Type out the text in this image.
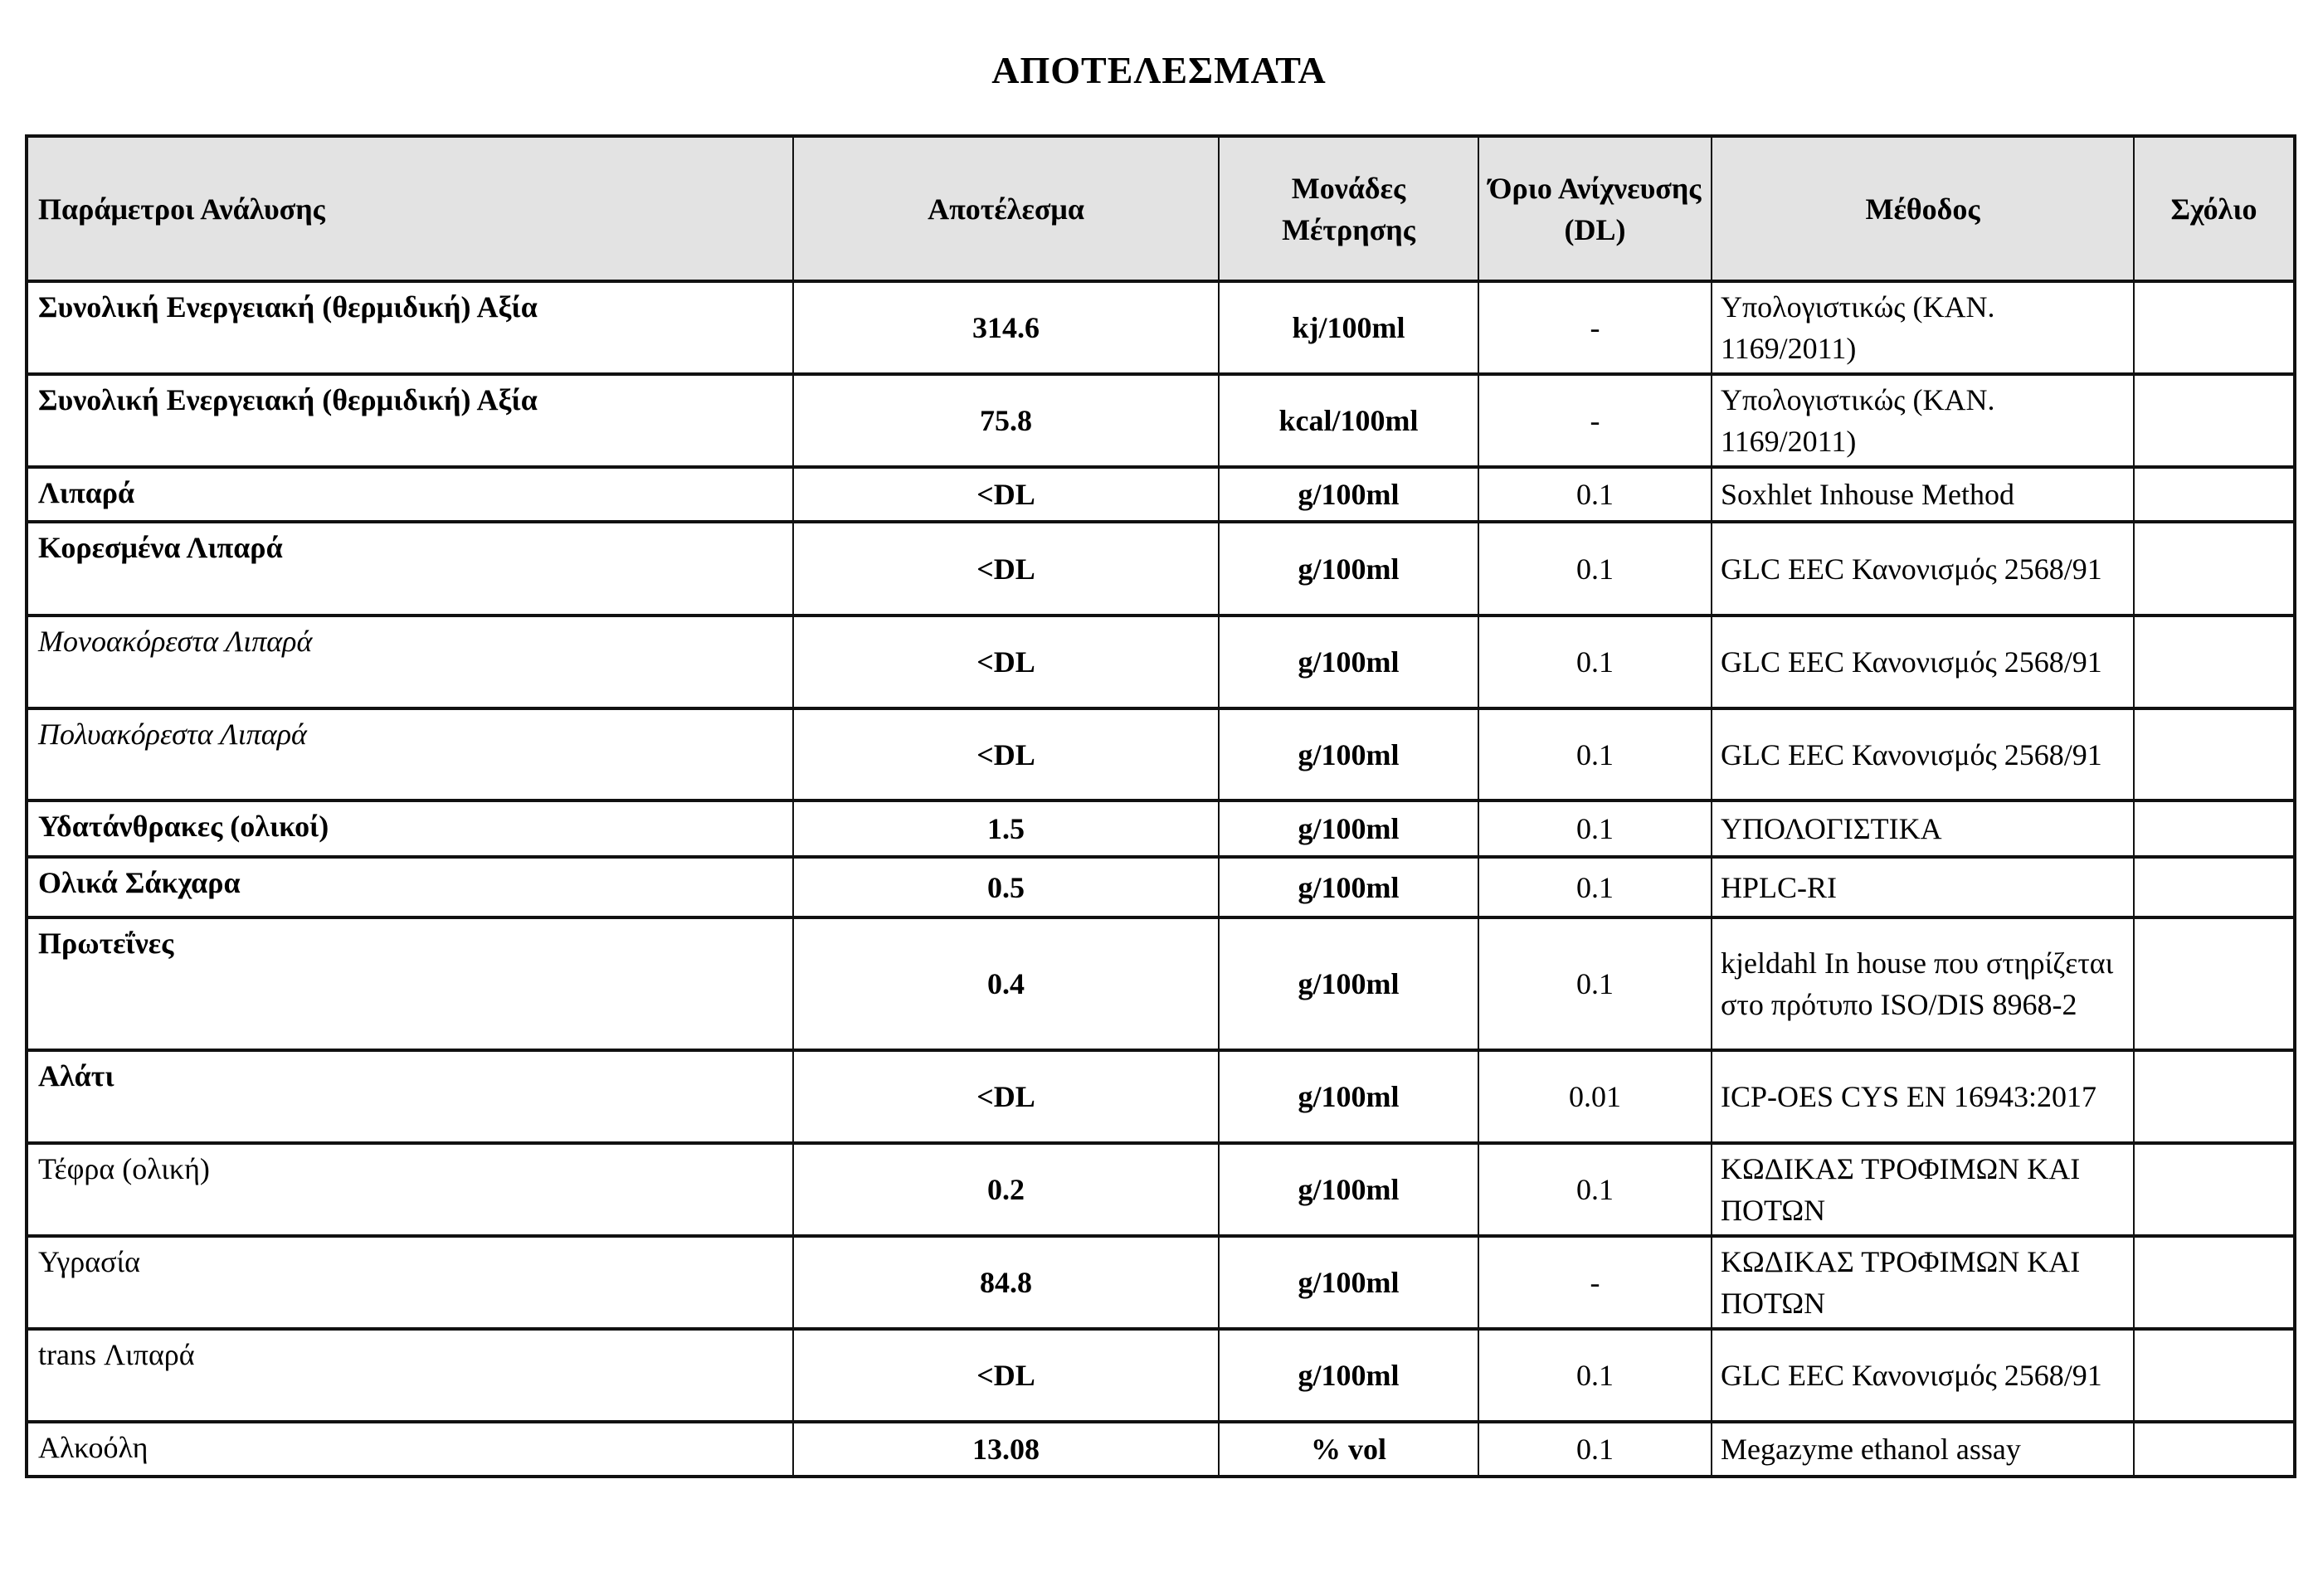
ΑΠΟΤΕΛΕΣΜΑΤΑ
Παράμετροι Ανάλυσης	Αποτέλεσμα	Μονάδες Μέτρησης	Όριο Ανίχνευσης (DL)	Μέθοδος	Σχόλιο
Συνολική Ενεργειακή (θερμιδική) Αξία	314.6	kj/100ml	-	Υπολογιστικώς (ΚΑΝ. 1169/2011)	
Συνολική Ενεργειακή (θερμιδική) Αξία	75.8	kcal/100ml	-	Υπολογιστικώς (ΚΑΝ. 1169/2011)	
Λιπαρά	<DL	g/100ml	0.1	Soxhlet Inhouse Method	
Κορεσμένα Λιπαρά	<DL	g/100ml	0.1	GLC EEC Κανονισμός 2568/91	
Μονοακόρεστα Λιπαρά	<DL	g/100ml	0.1	GLC EEC Κανονισμός 2568/91	
Πολυακόρεστα Λιπαρά	<DL	g/100ml	0.1	GLC EEC Κανονισμός 2568/91	
Υδατάνθρακες (ολικοί)	1.5	g/100ml	0.1	ΥΠΟΛΟΓΙΣΤΙΚΑ	
Ολικά Σάκχαρα	0.5	g/100ml	0.1	HPLC-RI	
Πρωτεΐνες	0.4	g/100ml	0.1	kjeldahl In house που στηρίζεται στο πρότυπο ISO/DIS 8968-2	
Αλάτι	<DL	g/100ml	0.01	ICP-OES CYS EN 16943:2017	
Τέφρα (ολική)	0.2	g/100ml	0.1	ΚΩΔΙΚΑΣ ΤΡΟΦΙΜΩΝ ΚΑΙ ΠΟΤΩΝ	
Υγρασία	84.8	g/100ml	-	ΚΩΔΙΚΑΣ ΤΡΟΦΙΜΩΝ ΚΑΙ ΠΟΤΩΝ	
trans Λιπαρά	<DL	g/100ml	0.1	GLC EEC Κανονισμός 2568/91	
Αλκοόλη	13.08	% vol	0.1	Megazyme ethanol assay	
